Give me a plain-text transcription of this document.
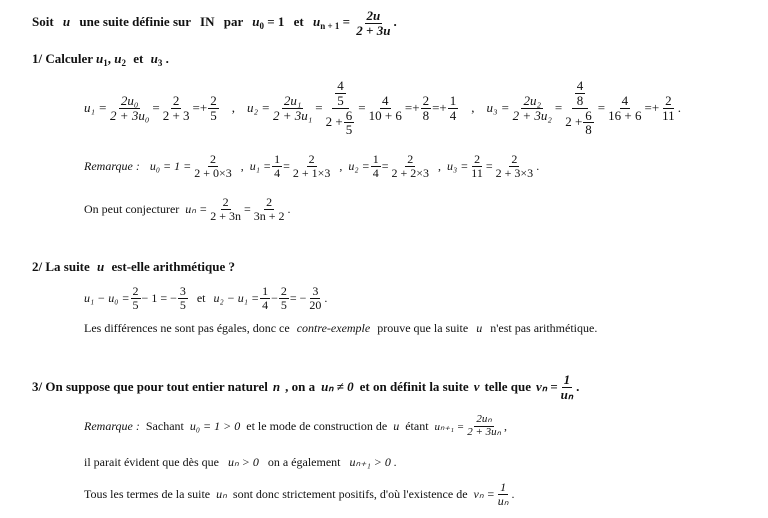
Soit u une suite définie sur IN par $u_0 = 1$ et $u_{n + 1} = \frac{2u}{2 + 3u}$ .
1/ Calculer $u_1$, $u_2$ et $u_3$ .
$u_1 = \frac{\text{2u₀}}{\text{2 + 3u₀}} = \frac{2}{2 + 3} =+ \frac{2}{5}$ , $u_2 = \frac{\text{2u₁}}{\text{2 + 3u₁}} = \frac{\frac{4}{5}}{2 + \frac{6}{5}} = \frac{4}{10 + 6} =+ \frac{2}{8} =+ \frac{1}{4}$ , $u_3 = \frac{\text{2u₂}}{\text{2 + 3u₂}} = \frac{\frac{4}{8}}{2 + \frac{6}{8}} = \frac{4}{16 + 6} =+ \frac{2}{11}$ .
Remarque : $u_0 = 1 = \frac{2}{2 + 0\times 3}$ , $u_1 = \frac{1}{4} = \frac{2}{2 + 1\times 3}$ , $u_2 = \frac{1}{4} = \frac{2}{2 + 2\times 3}$ , $u_3 = \frac{2}{11} = \frac{2}{2 + 3\times 3}$ .
On peut conjecturer $u_n = \frac{2}{2 + 3n} = \frac{2}{3n + 2}$ .
2/ La suite u est-elle arithmétique ?
$u_1 - u_0 = \frac{2}{5} - 1$ = − $\frac{3}{5}$ et $u_2 - u_1 = \frac{1}{4} - \frac{2}{5}$ = − $\frac{3}{20}$ .
Les différences ne sont pas égales, donc ce contre-exemple prouve que la suite u n'est pas arithmétique.
3/ On suppose que pour tout entier naturel n , on a uₙ ≠ 0 et on définit la suite v telle que $v_n = \frac{1}{\text{uₙ}}$ .
Remarque : Sachant u₀ = 1 > 0 et le mode de construction de u étant $u_{n+1} = \frac{\text{2uₙ}}{\text{2 + 3uₙ}}$ ,
il parait évident que dès que uₙ > 0 on a également uₙ₊₁ > 0 .
Tous les termes de la suite uₙ sont donc strictement positifs, d'où l'existence de $v_n = \frac{1}{\text{uₙ}}$ .
